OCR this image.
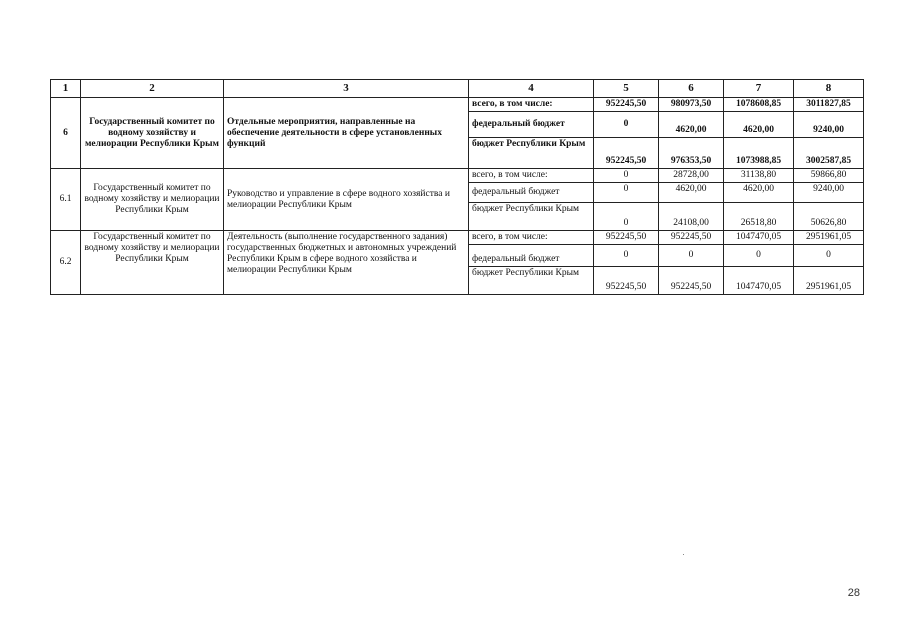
1	2	3	4	5	6	7	8
6	Государственный комитет по водному хозяйству и мелиорации Республики Крым	Отдельные мероприятия, направленные на обеспечение деятельности в сфере установленных функций	всего, в том числе:	952245,50	980973,50	1078608,85	3011827,85
			федеральный бюджет	0	4620,00	4620,00	9240,00
			бюджет Республики Крым	952245,50	976353,50	1073988,85	3002587,85
6.1	Государственный комитет по водному хозяйству и мелиорации Республики Крым	Руководство и управление в сфере водного хозяйства и мелиорации Республики Крым	всего, в том числе:	0	28728,00	31138,80	59866,80
			федеральный бюджет	0	4620,00	4620,00	9240,00
			бюджет Республики Крым	0	24108,00	26518,80	50626,80
6.2	Государственный комитет по водному хозяйству и мелиорации Республики Крым	Деятельность (выполнение государственного задания) государственных бюджетных и автономных учреждений Республики Крым в сфере водного хозяйства и мелиорации Республики Крым	всего, в том числе:	952245,50	952245,50	1047470,05	2951961,05
			федеральный бюджет	0	0	0	0
			бюджет Республики Крым	952245,50	952245,50	1047470,05	2951961,05
28
